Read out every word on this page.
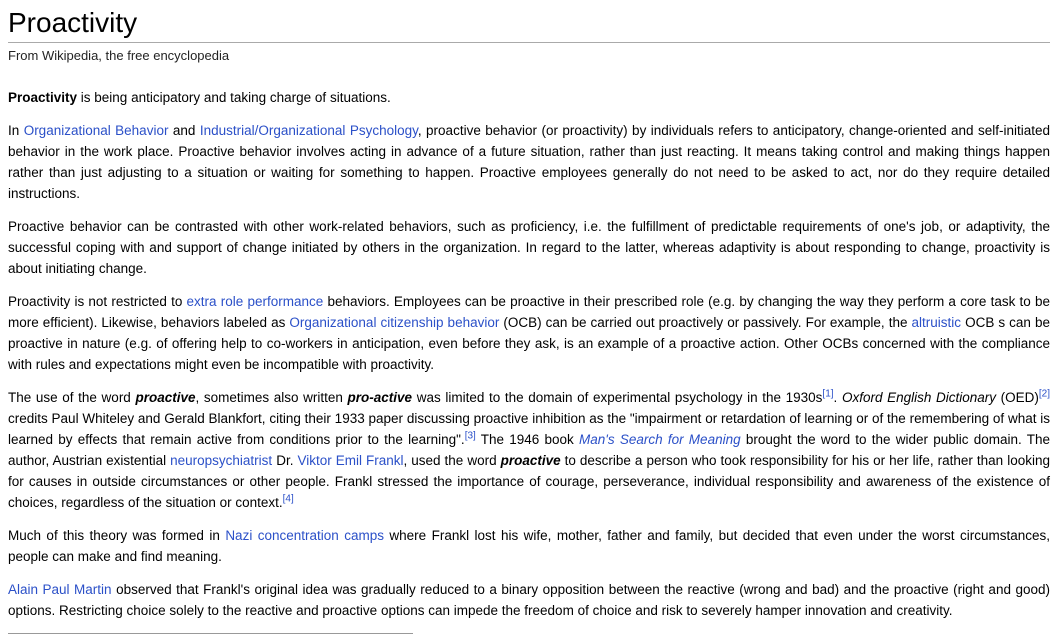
Proactivity
From Wikipedia, the free encyclopedia

Proactivity is being anticipatory and taking charge of situations.

In Organizational Behavior and Industrial/Organizational Psychology, proactive behavior (or proactivity) by individuals refers to anticipatory, change-oriented and self-initiated behavior in the work place. Proactive behavior involves acting in advance of a future situation, rather than just reacting. It means taking control and making things happen rather than just adjusting to a situation or waiting for something to happen. Proactive employees generally do not need to be asked to act, nor do they require detailed instructions.

Proactive behavior can be contrasted with other work-related behaviors, such as proficiency, i.e. the fulfillment of predictable requirements of one's job, or adaptivity, the successful coping with and support of change initiated by others in the organization. In regard to the latter, whereas adaptivity is about responding to change, proactivity is about initiating change.

Proactivity is not restricted to extra role performance behaviors. Employees can be proactive in their prescribed role (e.g. by changing the way they perform a core task to be more efficient). Likewise, behaviors labeled as Organizational citizenship behavior (OCB) can be carried out proactively or passively. For example, the altruistic OCB s can be proactive in nature (e.g. of offering help to co-workers in anticipation, even before they ask, is an example of a proactive action. Other OCBs concerned with the compliance with rules and expectations might even be incompatible with proactivity.

The use of the word proactive, sometimes also written pro-active was limited to the domain of experimental psychology in the 1930s[1]. Oxford English Dictionary (OED)[2] credits Paul Whiteley and Gerald Blankfort, citing their 1933 paper discussing proactive inhibition as the "impairment or retardation of learning or of the remembering of what is learned by effects that remain active from conditions prior to the learning".[3] The 1946 book Man's Search for Meaning brought the word to the wider public domain. The author, Austrian existential neuropsychiatrist Dr. Viktor Emil Frankl, used the word proactive to describe a person who took responsibility for his or her life, rather than looking for causes in outside circumstances or other people. Frankl stressed the importance of courage, perseverance, individual responsibility and awareness of the existence of choices, regardless of the situation or context.[4]

Much of this theory was formed in Nazi concentration camps where Frankl lost his wife, mother, father and family, but decided that even under the worst circumstances, people can make and find meaning.

Alain Paul Martin observed that Frankl's original idea was gradually reduced to a binary opposition between the reactive (wrong and bad) and the proactive (right and good) options. Restricting choice solely to the reactive and proactive options can impede the freedom of choice and risk to severely hamper innovation and creativity.
